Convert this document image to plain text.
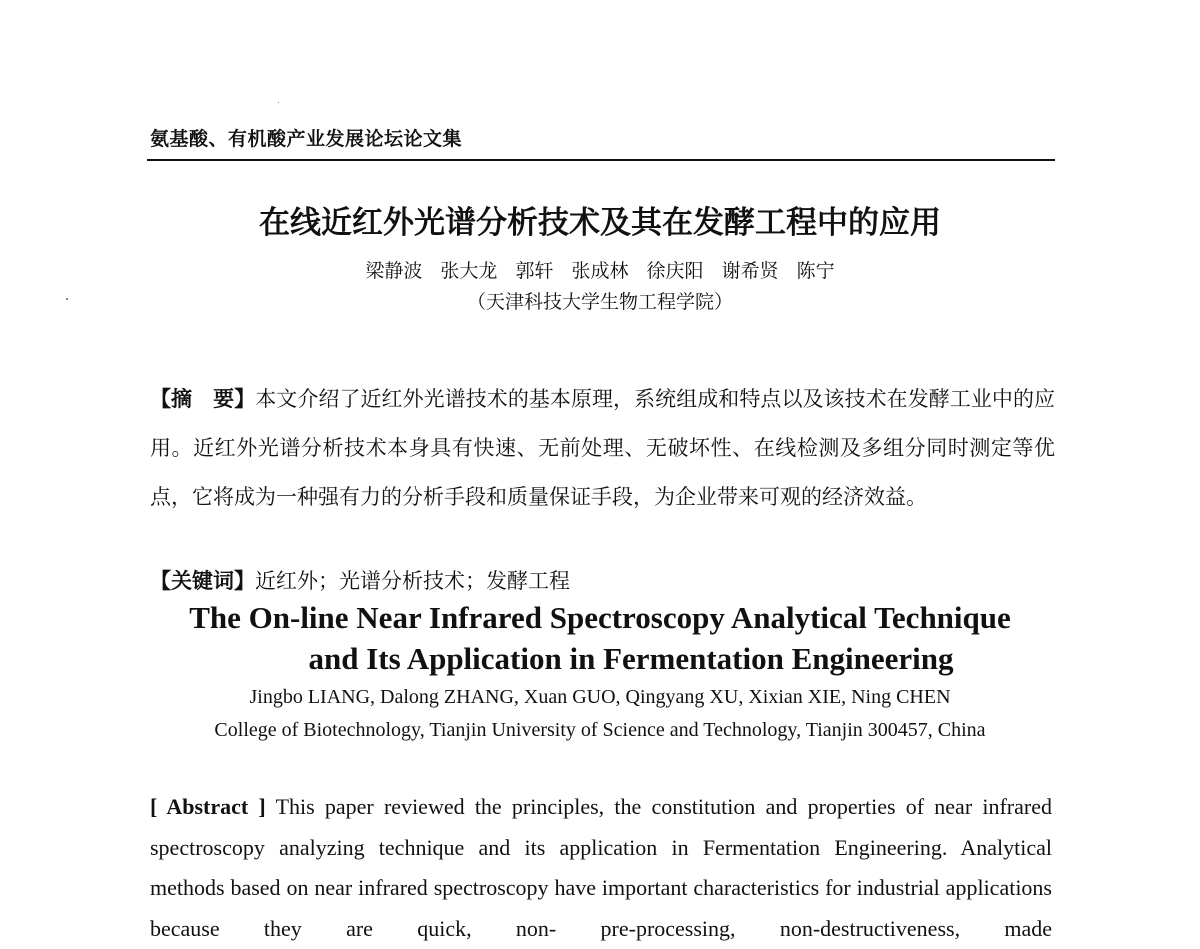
氨基酸、有机酸产业发展论坛论文集
在线近红外光谱分析技术及其在发酵工程中的应用
梁静波 张大龙 郭轩 张成林 徐庆阳 谢希贤 陈宁
（天津科技大学生物工程学院）
【摘　要】本文介绍了近红外光谱技术的基本原理，系统组成和特点以及该技术在发酵工业中的应用。近红外光谱分析技术本身具有快速、无前处理、无破坏性、在线检测及多组分同时测定等优点，它将成为一种强有力的分析手段和质量保证手段，为企业带来可观的经济效益。
【关键词】近红外；光谱分析技术；发酵工程
The On-line Near Infrared Spectroscopy Analytical Technique
and Its Application in Fermentation Engineering
Jingbo LIANG, Dalong ZHANG, Xuan GUO, Qingyang XU, Xixian XIE, Ning CHEN
College of Biotechnology, Tianjin University of Science and Technology, Tianjin 300457, China
[ Abstract ] This paper reviewed the principles, the constitution and properties of near infrared spectroscopy analyzing technique and its application in Fermentation Engineering. Analytical methods based on near infrared spectroscopy have important characteristics for industrial applications because they are quick, non- pre-processing, non-destructiveness, made
